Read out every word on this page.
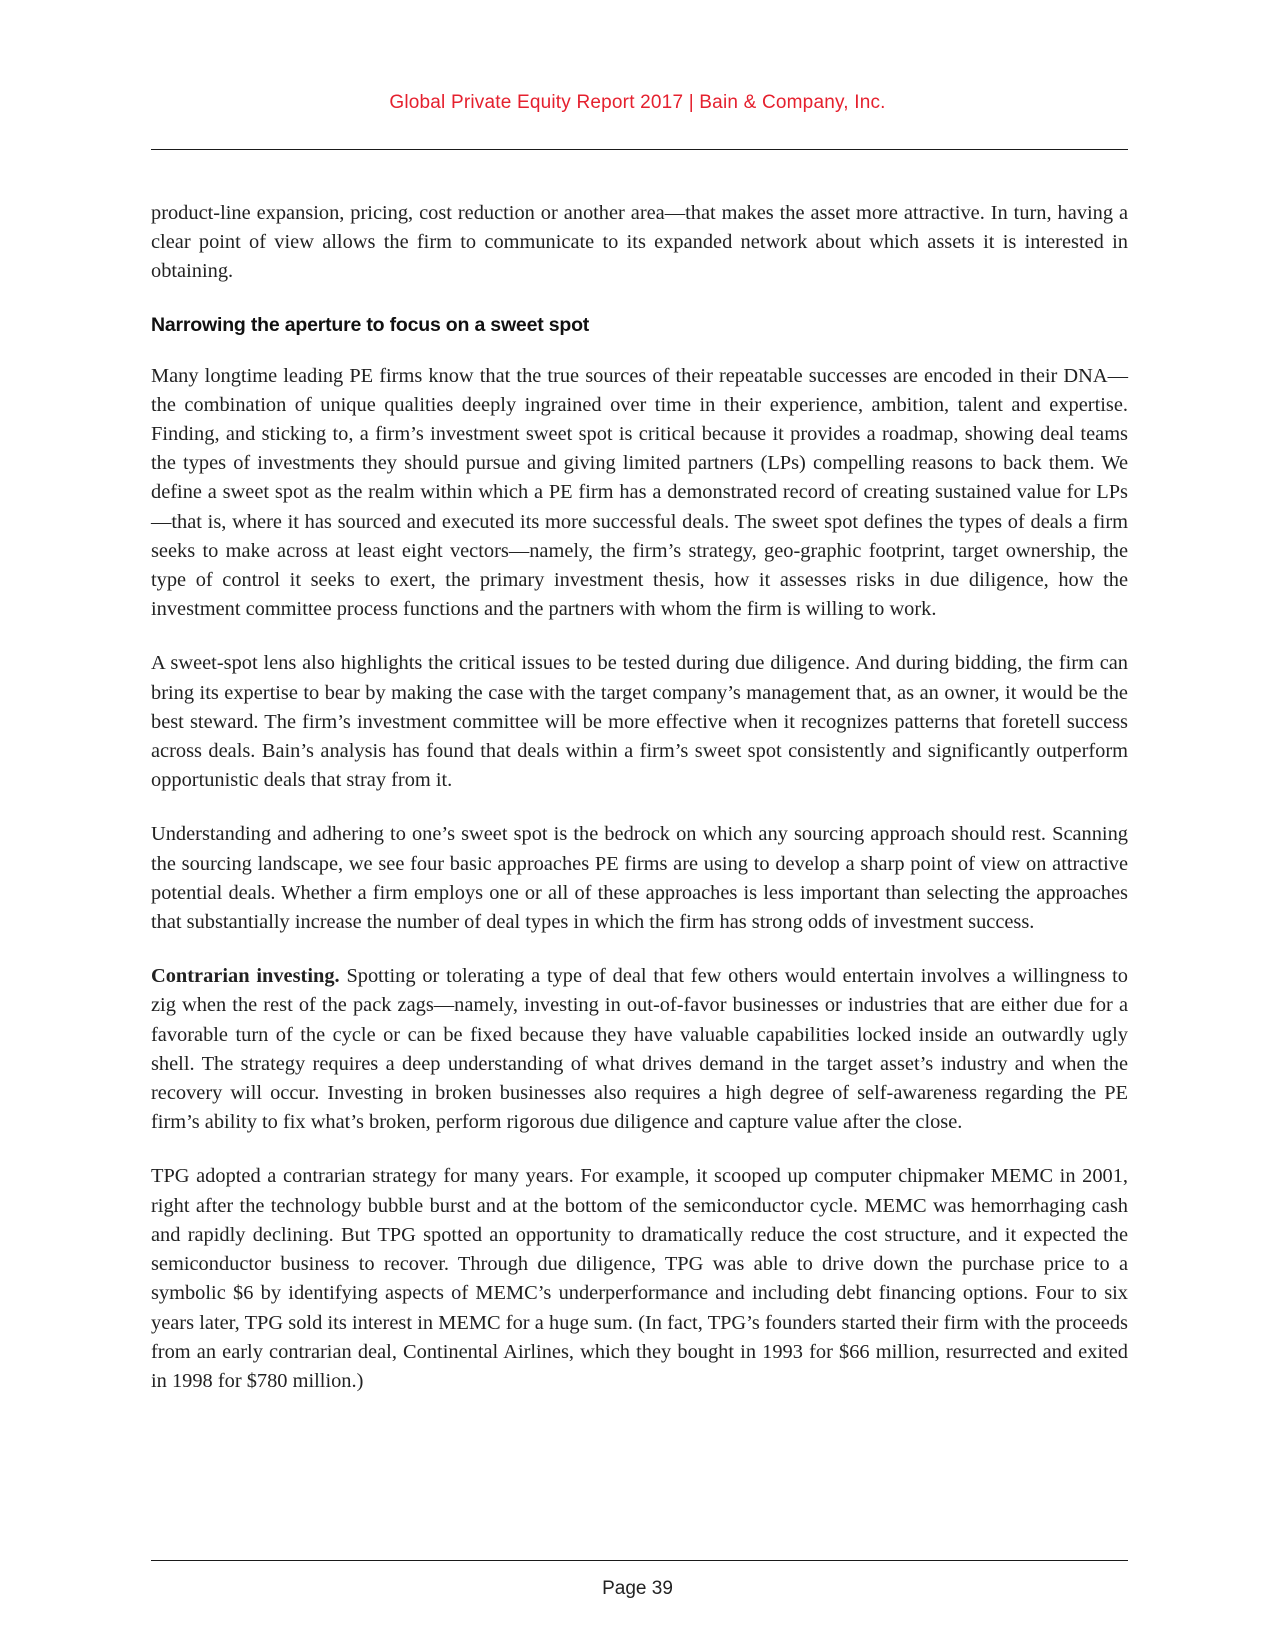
Global Private Equity Report 2017 | Bain & Company, Inc.

product-line expansion, pricing, cost reduction or another area—that makes the asset more attractive. In turn, having a clear point of view allows the firm to communicate to its expanded network about which assets it is interested in obtaining.

Narrowing the aperture to focus on a sweet spot

Many longtime leading PE firms know that the true sources of their repeatable successes are encoded in their DNA—the combination of unique qualities deeply ingrained over time in their experience, ambition, talent and expertise. Finding, and sticking to, a firm’s investment sweet spot is critical because it provides a roadmap, showing deal teams the types of investments they should pursue and giving limited partners (LPs) compelling reasons to back them. We define a sweet spot as the realm within which a PE firm has a demonstrated record of creating sustained value for LPs—that is, where it has sourced and executed its more successful deals. The sweet spot defines the types of deals a firm seeks to make across at least eight vectors—namely, the firm’s strategy, geo-graphic footprint, target ownership, the type of control it seeks to exert, the primary investment thesis, how it assesses risks in due diligence, how the investment committee process functions and the partners with whom the firm is willing to work.

A sweet-spot lens also highlights the critical issues to be tested during due diligence. And during bidding, the firm can bring its expertise to bear by making the case with the target company’s management that, as an owner, it would be the best steward. The firm’s investment committee will be more effective when it recognizes patterns that foretell success across deals. Bain’s analysis has found that deals within a firm’s sweet spot consistently and significantly outperform opportunistic deals that stray from it.

Understanding and adhering to one’s sweet spot is the bedrock on which any sourcing approach should rest. Scanning the sourcing landscape, we see four basic approaches PE firms are using to develop a sharp point of view on attractive potential deals. Whether a firm employs one or all of these approaches is less important than selecting the approaches that substantially increase the number of deal types in which the firm has strong odds of investment success.

Contrarian investing. Spotting or tolerating a type of deal that few others would entertain involves a willingness to zig when the rest of the pack zags—namely, investing in out-of-favor businesses or industries that are either due for a favorable turn of the cycle or can be fixed because they have valuable capabilities locked inside an outwardly ugly shell. The strategy requires a deep understanding of what drives demand in the target asset’s industry and when the recovery will occur. Investing in broken businesses also requires a high degree of self-awareness regarding the PE firm’s ability to fix what’s broken, perform rigorous due diligence and capture value after the close.

TPG adopted a contrarian strategy for many years. For example, it scooped up computer chipmaker MEMC in 2001, right after the technology bubble burst and at the bottom of the semiconductor cycle. MEMC was hemorrhaging cash and rapidly declining. But TPG spotted an opportunity to dramatically reduce the cost structure, and it expected the semiconductor business to recover. Through due diligence, TPG was able to drive down the purchase price to a symbolic $6 by identifying aspects of MEMC’s underperformance and including debt financing options. Four to six years later, TPG sold its interest in MEMC for a huge sum. (In fact, TPG’s founders started their firm with the proceeds from an early contrarian deal, Continental Airlines, which they bought in 1993 for $66 million, resurrected and exited in 1998 for $780 million.)

Page 39
